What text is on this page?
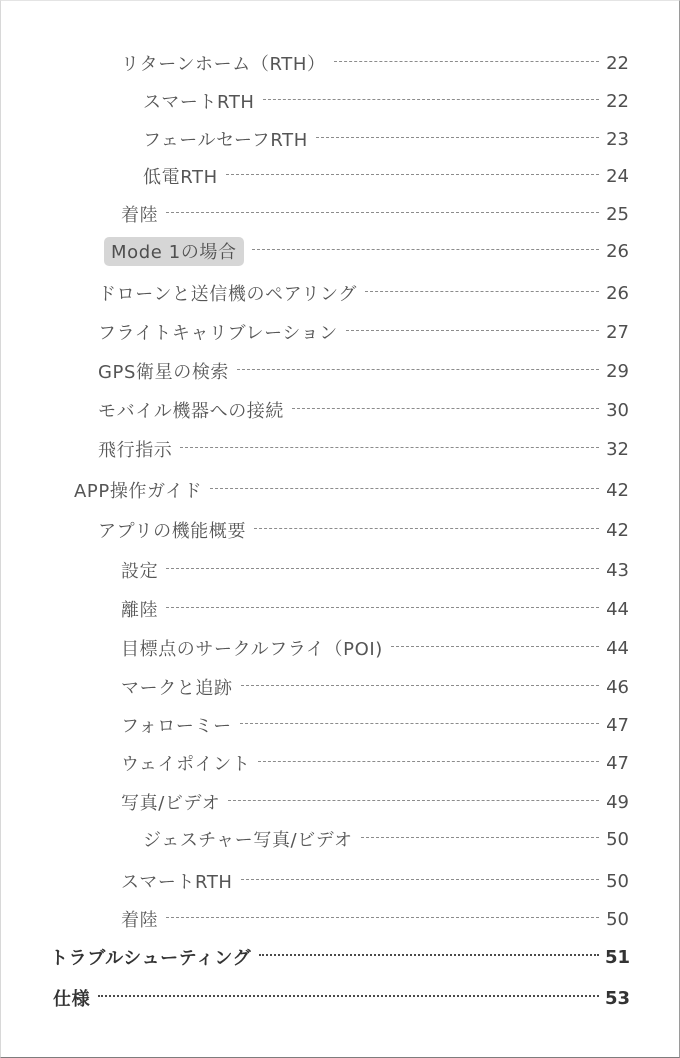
リターンホーム（RTH）	22
スマートRTH	22
フェールセーフRTH	23
低電RTH	24
着陸	25
Mode 1の場合	26
ドローンと送信機のペアリング	26
フライトキャリブレーション	27
GPS衛星の検索	29
モバイル機器への接続	30
飛行指示	32
APP操作ガイド	42
アプリの機能概要	42
設定	43
離陸	44
目標点のサークルフライ（POI)	44
マークと追跡	46
フォローミー	47
ウェイポイント	47
写真/ビデオ	49
ジェスチャー写真/ビデオ	50
スマートRTH	50
着陸	50
トラブルシューティング	51
仕様	53
